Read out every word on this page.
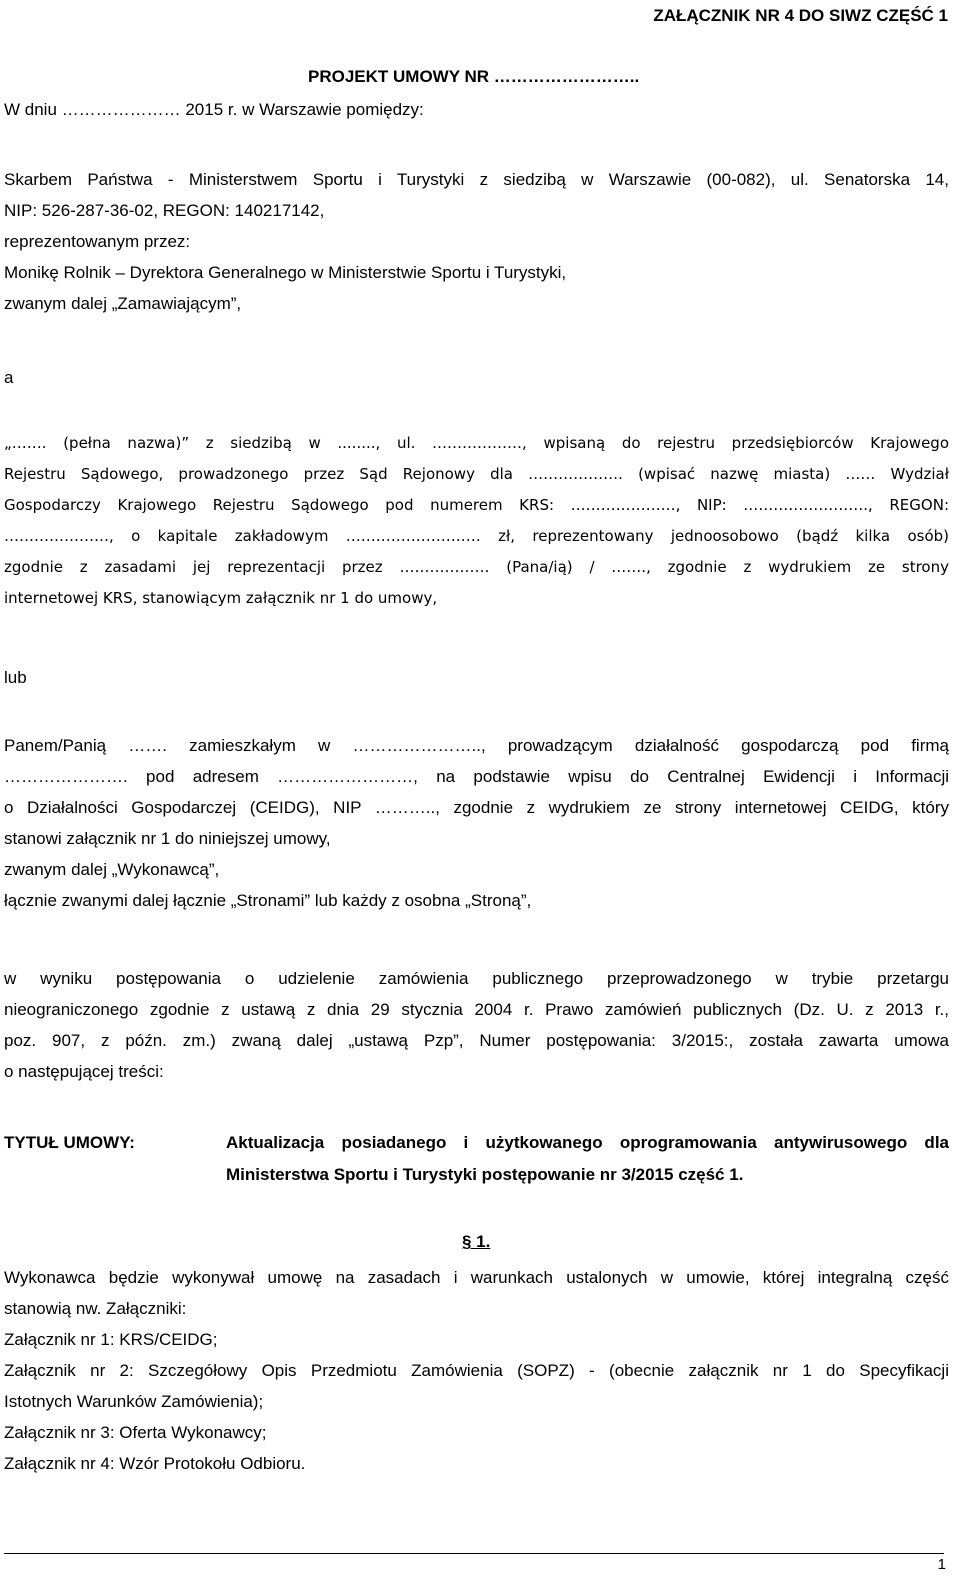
ZAŁĄCZNIK NR 4 DO SIWZ CZĘŚĆ 1
PROJEKT UMOWY NR ……………………..
W dniu ………………… 2015 r. w Warszawie pomiędzy:
Skarbem Państwa - Ministerstwem Sportu i Turystyki z siedzibą w Warszawie (00-082), ul. Senatorska 14,
NIP: 526-287-36-02, REGON: 140217142,
reprezentowanym przez:
Monikę Rolnik – Dyrektora Generalnego w Ministerstwie Sportu i Turystyki,
zwanym dalej „Zamawiającym”,
a
„……. (pełna nazwa)” z siedzibą w ........, ul. ………………, wpisaną do rejestru przedsiębiorców Krajowego
Rejestru Sądowego, prowadzonego przez Sąd Rejonowy dla ………………. (wpisać nazwę miasta) …… Wydział
Gospodarczy Krajowego Rejestru Sądowego pod numerem KRS: …………………, NIP: ……………………., REGON:
…………………, o kapitale zakładowym ……………………… zł, reprezentowany jednoosobowo (bądź kilka osób)
zgodnie z zasadami jej reprezentacji przez ……………… (Pana/ią) / ……., zgodnie z wydrukiem ze strony
internetowej KRS, stanowiącym załącznik nr 1 do umowy,
lub
Panem/Panią ……. zamieszkałym w ………………….., prowadzącym działalność gospodarczą pod firmą
…………………. pod adresem ……………………, na podstawie wpisu do Centralnej Ewidencji i Informacji
o Działalności Gospodarczej (CEIDG), NIP ……….., zgodnie z wydrukiem ze strony internetowej CEIDG, który
stanowi załącznik nr 1 do niniejszej umowy,
zwanym dalej „Wykonawcą”,
łącznie zwanymi dalej łącznie „Stronami” lub każdy z osobna „Stroną”,
w wyniku postępowania o udzielenie zamówienia publicznego przeprowadzonego w trybie przetargu
nieograniczonego zgodnie z ustawą z dnia 29 stycznia 2004 r. Prawo zamówień publicznych (Dz. U. z 2013 r.,
poz. 907, z późn. zm.) zwaną dalej „ustawą Pzp”, Numer postępowania: 3/2015:, została zawarta umowa
o następującej treści:
TYTUŁ UMOWY:	Aktualizacja posiadanego i użytkowanego oprogramowania antywirusowego dla
Ministerstwa Sportu i Turystyki postępowanie nr 3/2015 część 1.
§ 1.
Wykonawca będzie wykonywał umowę na zasadach i warunkach ustalonych w umowie, której integralną część
stanowią nw. Załączniki:
Załącznik nr 1: KRS/CEIDG;
Załącznik nr 2: Szczegółowy Opis Przedmiotu Zamówienia (SOPZ) - (obecnie załącznik nr 1 do Specyfikacji
Istotnych Warunków Zamówienia);
Załącznik nr 3: Oferta Wykonawcy;
Załącznik nr 4: Wzór Protokołu Odbioru.
1
